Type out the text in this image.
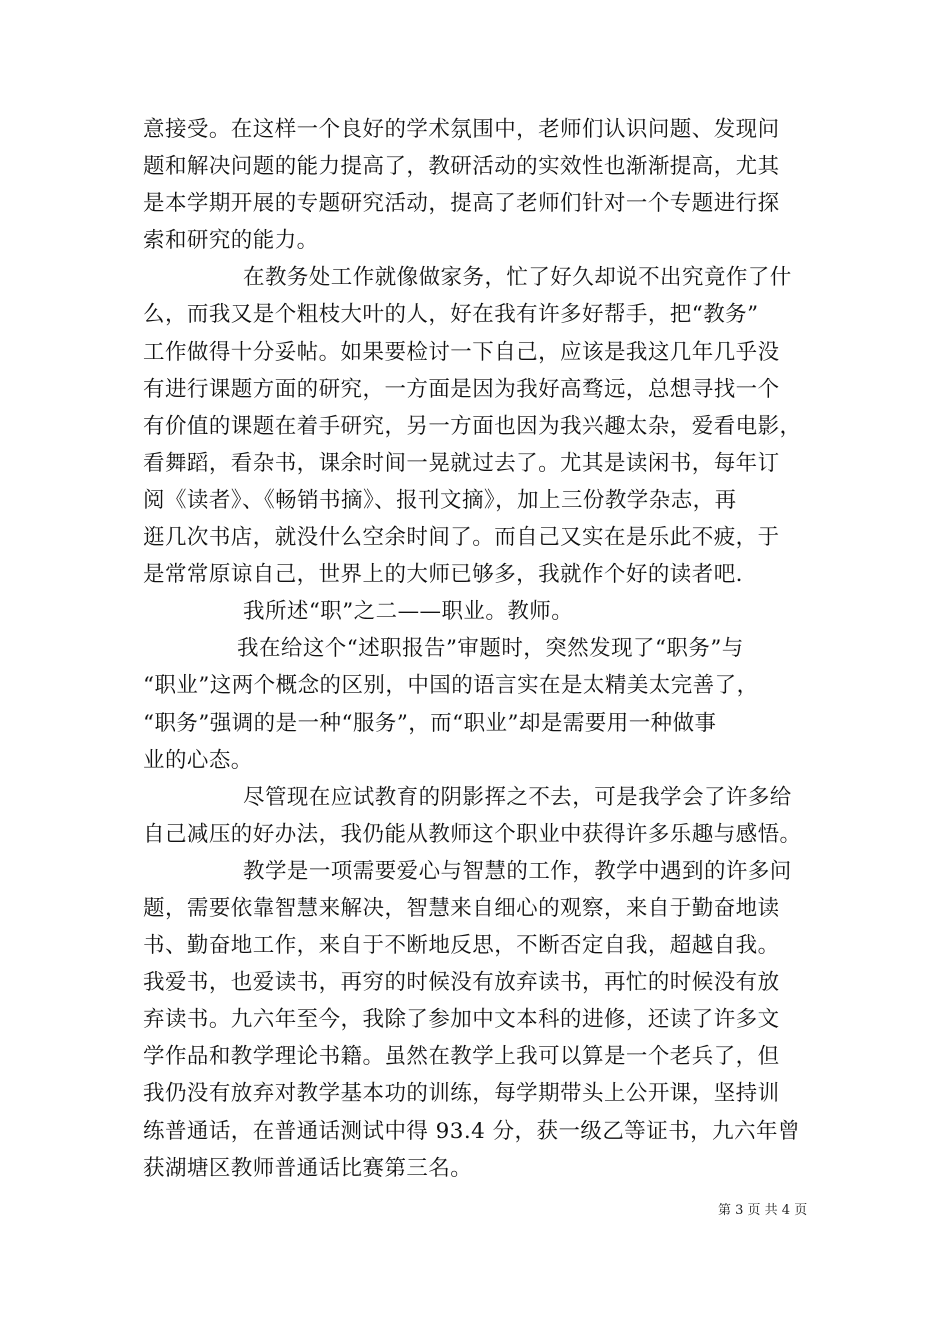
意接受。在这样一个良好的学术氛围中，老师们认识问题、发现问
题和解决问题的能力提高了，教研活动的实效性也渐渐提高，尤其
是本学期开展的专题研究活动，提高了老师们针对一个专题进行探
索和研究的能力。
在教务处工作就像做家务，忙了好久却说不出究竟作了什
么，而我又是个粗枝大叶的人，好在我有许多好帮手，把“教务”
工作做得十分妥帖。如果要检讨一下自己，应该是我这几年几乎没
有进行课题方面的研究，一方面是因为我好高骛远，总想寻找一个
有价值的课题在着手研究，另一方面也因为我兴趣太杂，爱看电影，
看舞蹈，看杂书，课余时间一晃就过去了。尤其是读闲书，每年订
阅《读者》、《畅销书摘》、报刊文摘》，加上三份教学杂志，再
逛几次书店，就没什么空余时间了。而自己又实在是乐此不疲，于
是常常原谅自己，世界上的大师已够多，我就作个好的读者吧.
我所述“职”之二——职业。教师。
我在给这个“述职报告”审题时，突然发现了“职务”与
“职业”这两个概念的区别，中国的语言实在是太精美太完善了，
“职务”强调的是一种“服务”，而“职业”却是需要用一种做事
业的心态。
尽管现在应试教育的阴影挥之不去，可是我学会了许多给
自己减压的好办法，我仍能从教师这个职业中获得许多乐趣与感悟。
教学是一项需要爱心与智慧的工作，教学中遇到的许多问
题，需要依靠智慧来解决，智慧来自细心的观察，来自于勤奋地读
书、勤奋地工作，来自于不断地反思，不断否定自我，超越自我。
我爱书，也爱读书，再穷的时候没有放弃读书，再忙的时候没有放
弃读书。九六年至今，我除了参加中文本科的进修，还读了许多文
学作品和教学理论书籍。虽然在教学上我可以算是一个老兵了，但
我仍没有放弃对教学基本功的训练，每学期带头上公开课，坚持训
练普通话，在普通话测试中得 93.4 分，获一级乙等证书，九六年曾
获湖塘区教师普通话比赛第三名。
第 3 页 共 4 页
